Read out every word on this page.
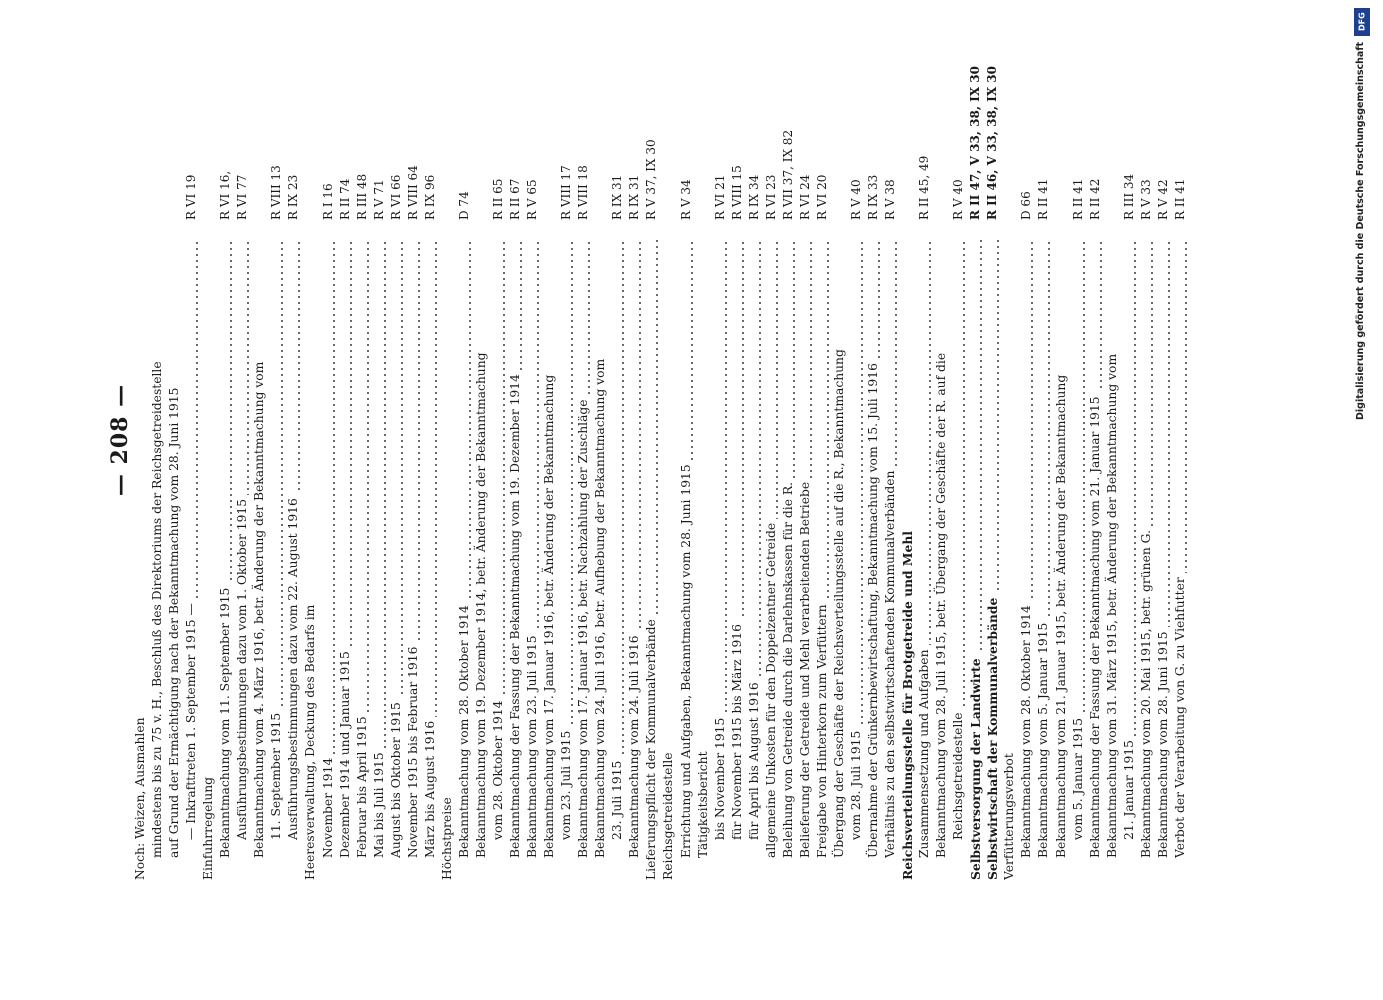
— 208 —
Noch: Weizen, Ausmahlen mindestens bis zu 75 v. H., Beschluß des Direktoriums der Reichsgetreidestelle auf Grund der Ermächtigung nach der Bekanntmachung vom 28. Juni 1915 — Inkrafttreten 1. September 1915 —
R VI 19
Einfuhrregelung Bekanntmachung vom 11. September 1915
R VI 16,
Ausführungsbestimmungen dazu vom 1. Oktober 1915
R VI 77
Bekanntmachung vom 4. März 1916, betr. Änderung der Bekanntmachung vom 11. September 1915
R VIII 13
Ausführungsbestimmungen dazu vom 22. August 1916
R IX 23
Heeresverwaltung, Deckung des Bedarfs im November 1914
R I 16
Dezember 1914 und Januar 1915
R II 74
Februar bis April 1915
R III 48
Mai bis Juli 1915
R V 71
August bis Oktober 1915
R VI 66
November 1915 bis Februar 1916
R VIII 64
März bis August 1916
R IX 96
Höchstpreise Bekanntmachung vom 28. Oktober 1914
D 74
Bekanntmachung vom 19. Dezember 1914, betr. Änderung der Bekanntmachung vom 28. Oktober 1914
R II 65
Bekanntmachung der Fassung der Bekanntmachung vom 19. Dezember 1914
R II 67
Bekanntmachung vom 23. Juli 1915
R V 65
Bekanntmachung vom 17. Januar 1916, betr. Änderung der Bekanntmachung vom 23. Juli 1915
R VIII 17
Bekanntmachung vom 17. Januar 1916, betr. Nachzahlung der Zuschläge
R VIII 18
Bekanntmachung vom 24. Juli 1916, betr. Aufhebung der Bekanntmachung vom 23. Juli 1915
R IX 31
Bekanntmachung vom 24. Juli 1916
R IX 31
Lieferungspflicht der Kommunalverbände
R V 37, IX 30
Reichsgetreidestelle Errichtung und Aufgaben, Bekanntmachung vom 28. Juni 1915
R V 34
Tätigkeitsbericht bis November 1915
R VI 21
für November 1915 bis März 1916
R VIII 15
für April bis August 1916
R IX 34
allgemeine Unkosten für den Doppelzentner Getreide
R VI 23
Beleihung von Getreide durch die Darlehnskassen für die R.
R VII 37, IX 82
Belieferung der Getreide und Mehl verarbeitenden Betriebe
R VI 24
Freigabe von Hinterkorn zum Verfüttern
R VI 20
Übergang der Geschäfte der Reichsverteilungsstelle auf die R., Bekanntmachung vom 28. Juli 1915
R V 40
Übernahme der Grünkernbewirtschaftung, Bekanntmachung vom 15. Juli 1916
R IX 33
Verhältnis zu den selbstwirtschaftenden Kommunalverbänden
R V 38
Reichsverteilungsstelle für Brotgetreide und Mehl Zusammensetzung und Aufgaben
R II 45, 49
Bekanntmachung vom 28. Juli 1915, betr. Übergang der Geschäfte der R. auf die Reichsgetreidestelle
R V 40
Selbstversorgung der Landwirte
R II 47, V 33, 38, IX 30
Selbstwirtschaft der Kommunalverbände
R II 46, V 33, 38, IX 30
Verfütterungsverbot Bekanntmachung vom 28. Oktober 1914
D 66
Bekanntmachung vom 5. Januar 1915
R II 41
Bekanntmachung vom 21. Januar 1915, betr. Änderung der Bekanntmachung vom 5. Januar 1915
R II 41
Bekanntmachung der Fassung der Bekanntmachung vom 21. Januar 1915
R II 42
Bekanntmachung vom 31. März 1915, betr. Änderung der Bekanntmachung vom 21. Januar 1915
R III 34
Bekanntmachung vom 20. Mai 1915, betr. grünen G.
R V 33
Bekanntmachung vom 28. Juni 1915
R V 42
Verbot der Verarbeitung von G. zu Viehfutter
R II 41
DFG
Digitalisierung gefördert durch die Deutsche Forschungsgemeinschaft
